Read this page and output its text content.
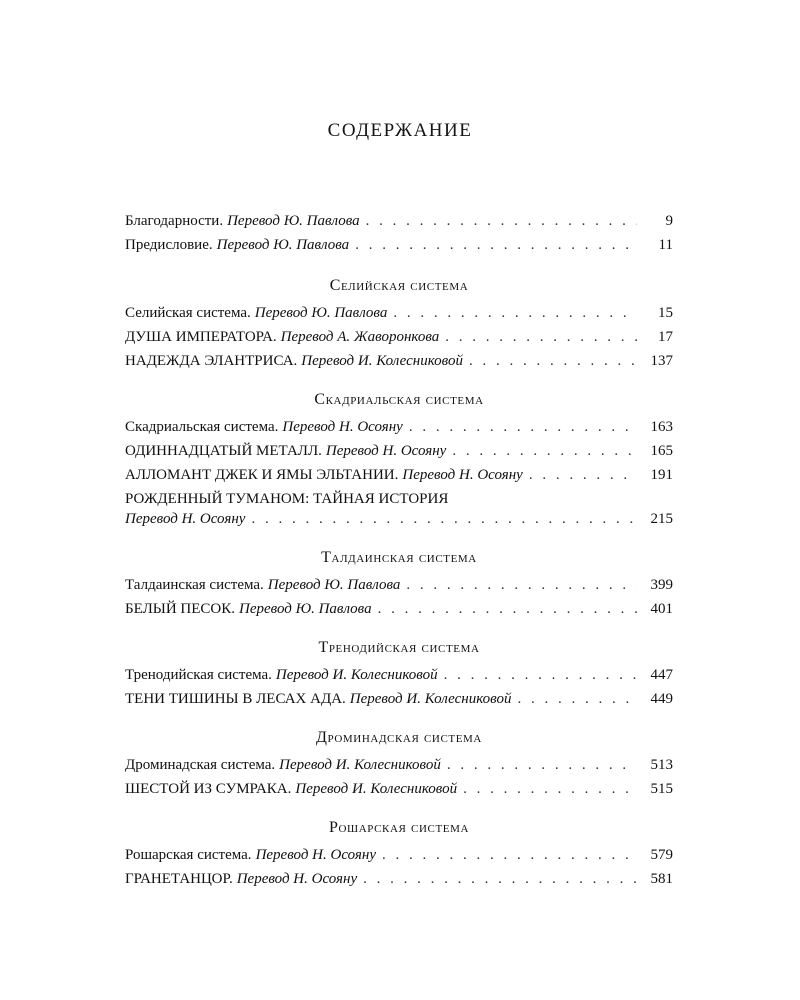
содержание
Благодарности. Перевод Ю. Павлова . . .	9
Предисловие. Перевод Ю. Павлова . . .	11
Селийская система
Селийская система. Перевод Ю. Павлова . . .	15
ДУША ИМПЕРАТОРА. Перевод А. Жаворонкова . . .	17
НАДЕЖДА ЭЛАНТРИСА. Перевод И. Колесниковой . . .	137
Скадриальская система
Скадриальская система. Перевод Н. Осояну . . .	163
ОДИННАДЦАТЫЙ МЕТАЛЛ. Перевод Н. Осояну . . .	165
АЛЛОМАНТ ДЖЕК И ЯМЫ ЭЛЬТАНИИ. Перевод Н. Осояну . . .	191
РОЖДЕННЫЙ ТУМАНОМ: ТАЙНАЯ ИСТОРИЯ
Перевод Н. Осояну . . .	215
Талдаинская система
Талдаинская система. Перевод Ю. Павлова . . .	399
БЕЛЫЙ ПЕСОК. Перевод Ю. Павлова . . .	401
Тренодийская система
Тренодийская система. Перевод И. Колесниковой . . .	447
ТЕНИ ТИШИНЫ В ЛЕСАХ АДА. Перевод И. Колесниковой . . .	449
Дроминадская система
Дроминадская система. Перевод И. Колесниковой . . .	513
ШЕСТОЙ ИЗ СУМРАКА. Перевод И. Колесниковой . . .	515
Рошарская система
Рошарская система. Перевод Н. Осояну . . .	579
ГРАНЕТАНЦОР. Перевод Н. Осояну . . .	581
